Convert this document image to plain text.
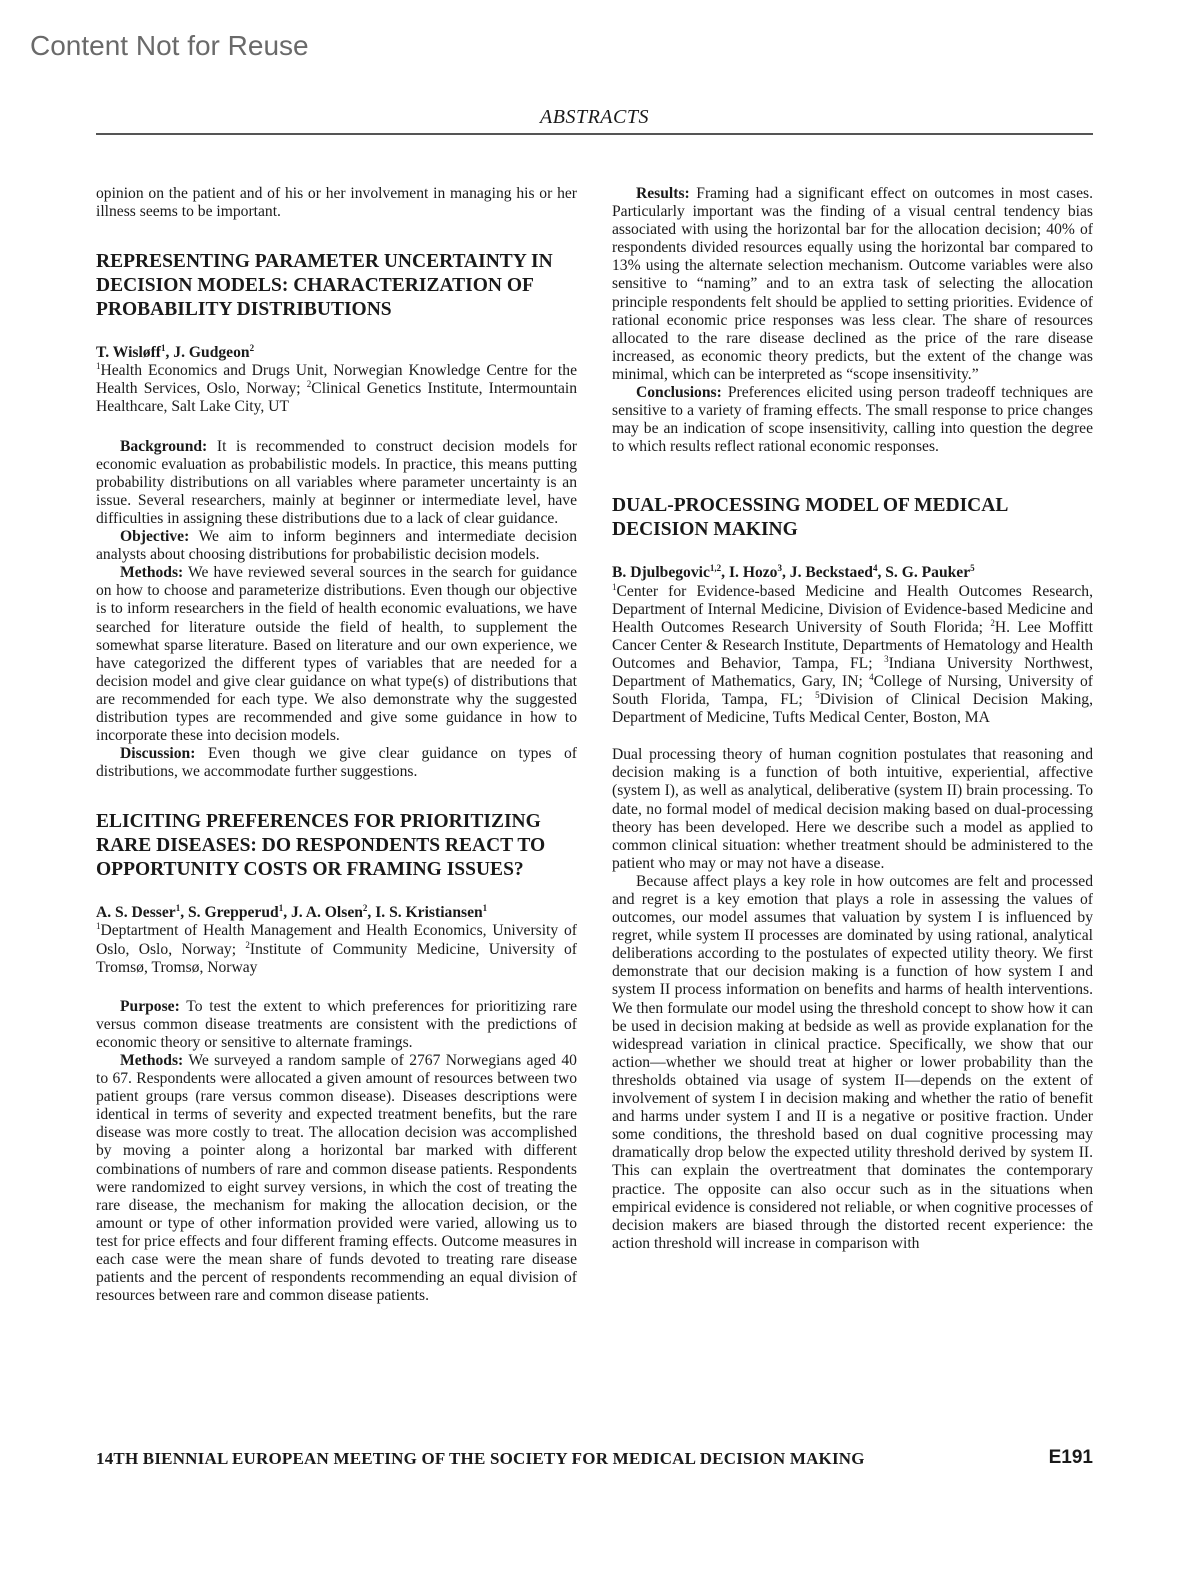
Content Not for Reuse
ABSTRACTS

opinion on the patient and of his or her involvement in managing his or her illness seems to be important.

REPRESENTING PARAMETER UNCERTAINTY IN DECISION MODELS: CHARACTERIZATION OF PROBABILITY DISTRIBUTIONS

T. Wisløff$^1$, J. Gudgeon$^2$

$^1$Health Economics and Drugs Unit, Norwegian Knowledge Centre for the Health Services, Oslo, Norway; $^2$Clinical Genetics Institute, Intermountain Healthcare, Salt Lake City, UT

Background: It is recommended to construct decision models for economic evaluation as probabilistic models. In practice, this means putting probability distributions on all variables where parameter uncertainty is an issue. Several researchers, mainly at beginner or intermediate level, have difficulties in assigning these distributions due to a lack of clear guidance.

Objective: We aim to inform beginners and intermediate decision analysts about choosing distributions for probabilistic decision models.

Methods: We have reviewed several sources in the search for guidance on how to choose and parameterize distributions. Even though our objective is to inform researchers in the field of health economic evaluations, we have searched for literature outside the field of health, to supplement the somewhat sparse literature. Based on literature and our own experience, we have categorized the different types of variables that are needed for a decision model and give clear guidance on what type(s) of distributions that are recommended for each type. We also demonstrate why the suggested distribution types are recommended and give some guidance in how to incorporate these into decision models.

Discussion: Even though we give clear guidance on types of distributions, we accommodate further suggestions.

ELICITING PREFERENCES FOR PRIORITIZING RARE DISEASES: DO RESPONDENTS REACT TO OPPORTUNITY COSTS OR FRAMING ISSUES?

A. S. Desser$^1$, S. Grepperud$^1$, J. A. Olsen$^2$, I. S. Kristiansen$^1$

$^1$Deptartment of Health Management and Health Economics, University of Oslo, Oslo, Norway; $^2$Institute of Community Medicine, University of Tromsø, Tromsø, Norway

Purpose: To test the extent to which preferences for prioritizing rare versus common disease treatments are consistent with the predictions of economic theory or sensitive to alternate framings.

Methods: We surveyed a random sample of 2767 Norwegians aged 40 to 67. Respondents were allocated a given amount of resources between two patient groups (rare versus common disease). Diseases descriptions were identical in terms of severity and expected treatment benefits, but the rare disease was more costly to treat. The allocation decision was accomplished by moving a pointer along a horizontal bar marked with different combinations of numbers of rare and common disease patients. Respondents were randomized to eight survey versions, in which the cost of treating the rare disease, the mechanism for making the allocation decision, or the amount or type of other information provided were varied, allowing us to test for price effects and four different framing effects. Outcome measures in each case were the mean share of funds devoted to treating rare disease patients and the percent of respondents recommending an equal division of resources between rare and common disease patients.

Results: Framing had a significant effect on outcomes in most cases. Particularly important was the finding of a visual central tendency bias associated with using the horizontal bar for the allocation decision; 40% of respondents divided resources equally using the horizontal bar compared to 13% using the alternate selection mechanism. Outcome variables were also sensitive to “naming” and to an extra task of selecting the allocation principle respondents felt should be applied to setting priorities. Evidence of rational economic price responses was less clear. The share of resources allocated to the rare disease declined as the price of the rare disease increased, as economic theory predicts, but the extent of the change was minimal, which can be interpreted as “scope insensitivity.”

Conclusions: Preferences elicited using person tradeoff techniques are sensitive to a variety of framing effects. The small response to price changes may be an indication of scope insensitivity, calling into question the degree to which results reflect rational economic responses.

DUAL-PROCESSING MODEL OF MEDICAL DECISION MAKING

B. Djulbegovic$^{1,2}$, I. Hozo$^3$, J. Beckstaed$^4$, S. G. Pauker$^5$

$^1$Center for Evidence-based Medicine and Health Outcomes Research, Department of Internal Medicine, Division of Evidence-based Medicine and Health Outcomes Research University of South Florida; $^2$H. Lee Moffitt Cancer Center & Research Institute, Departments of Hematology and Health Outcomes and Behavior, Tampa, FL; $^3$Indiana University Northwest, Department of Mathematics, Gary, IN; $^4$College of Nursing, University of South Florida, Tampa, FL; $^5$Division of Clinical Decision Making, Department of Medicine, Tufts Medical Center, Boston, MA

Dual processing theory of human cognition postulates that reasoning and decision making is a function of both intuitive, experiential, affective (system I), as well as analytical, deliberative (system II) brain processing. To date, no formal model of medical decision making based on dual-processing theory has been developed. Here we describe such a model as applied to common clinical situation: whether treatment should be administered to the patient who may or may not have a disease.

Because affect plays a key role in how outcomes are felt and processed and regret is a key emotion that plays a role in assessing the values of outcomes, our model assumes that valuation by system I is influenced by regret, while system II processes are dominated by using rational, analytical deliberations according to the postulates of expected utility theory. We first demonstrate that our decision making is a function of how system I and system II process information on benefits and harms of health interventions. We then formulate our model using the threshold concept to show how it can be used in decision making at bedside as well as provide explanation for the widespread variation in clinical practice. Specifically, we show that our action—whether we should treat at higher or lower probability than the thresholds obtained via usage of system II—depends on the extent of involvement of system I in decision making and whether the ratio of benefit and harms under system I and II is a negative or positive fraction. Under some conditions, the threshold based on dual cognitive processing may dramatically drop below the expected utility threshold derived by system II. This can explain the overtreatment that dominates the contemporary practice. The opposite can also occur such as in the situations when empirical evidence is considered not reliable, or when cognitive processes of decision makers are biased through the distorted recent experience: the action threshold will increase in comparison with

14TH BIENNIAL EUROPEAN MEETING OF THE SOCIETY FOR MEDICAL DECISION MAKING	E191
